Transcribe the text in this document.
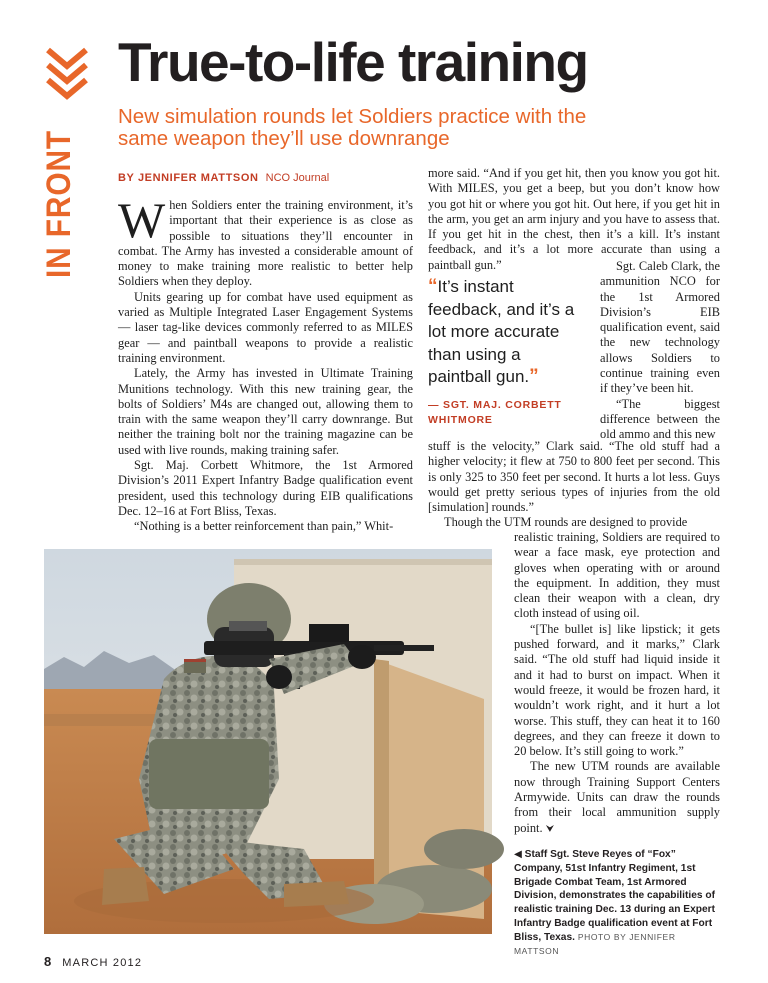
IN FRONT
True-to-life training
New simulation rounds let Soldiers practice with the same weapon they’ll use downrange
BY JENNIFER MATTSON NCO Journal

When Soldiers enter the training environment, it’s important that their experience is as close as possible to situations they’ll encounter in combat. The Army has invested a considerable amount of money to make training more realistic to better help Soldiers when they deploy.

Units gearing up for combat have used equipment as varied as Multiple Integrated Laser Engagement Systems — laser tag-like devices commonly referred to as MILES gear — and paintball weapons to provide a realistic training environment.

Lately, the Army has invested in Ultimate Training Munitions technology. With this new training gear, the bolts of Soldiers’ M4s are changed out, allowing them to train with the same weapon they’ll carry downrange. But neither the training bolt nor the training magazine can be used with live rounds, making training safer.

Sgt. Maj. Corbett Whitmore, the 1st Armored Division’s 2011 Expert Infantry Badge qualification event president, used this technology during EIB qualifications Dec. 12–16 at Fort Bliss, Texas.

“Nothing is a better reinforcement than pain,” Whit-

more said. “And if you get hit, then you know you got hit. With MILES, you get a beep, but you don’t know how you got hit or where you got hit. Out here, if you get hit in the arm, you get an arm injury and you have to assess that. If you get hit in the chest, then it’s a kill. It’s instant feedback, and it’s a lot more accurate than using a paintball gun.”

“It’s instant feedback, and it’s a lot more accurate than using a paintball gun.”
— SGT. MAJ. CORBETT WHITMORE

Sgt. Caleb Clark, the ammunition NCO for the 1st Armored Division’s EIB qualification event, said the new technology allows Soldiers to continue training even if they’ve been hit.

“The biggest difference between the old ammo and this new

stuff is the velocity,” Clark said. “The old stuff had a higher velocity; it flew at 750 to 800 feet per second. This is only 325 to 350 feet per second. It hurts a lot less. Guys would get pretty serious types of injuries from the old [simulation] rounds.”

Though the UTM rounds are designed to provide

realistic training, Soldiers are required to wear a face mask, eye protection and gloves when operating with or around the equipment. In addition, they must clean their weapon with a clean, dry cloth instead of using oil.

“[The bullet is] like lipstick; it gets pushed forward, and it marks,” Clark said. “The old stuff had liquid inside it and it had to burst on impact. When it would freeze, it would be frozen hard, it wouldn’t work right, and it hurt a lot worse. This stuff, they can heat it to 160 degrees, and they can freeze it down to 20 below. It’s still going to work.”

The new UTM rounds are available now through Training Support Centers Armywide. Units can draw the rounds from their local ammunition supply point. ⮟

◀ Staff Sgt. Steve Reyes of “Fox” Company, 51st Infantry Regiment, 1st Brigade Combat Team, 1st Armored Division, demonstrates the capabilities of realistic training Dec. 13 during an Expert Infantry Badge qualification event at Fort Bliss, Texas. PHOTO BY JENNIFER MATTSON
8 MARCH 2012
